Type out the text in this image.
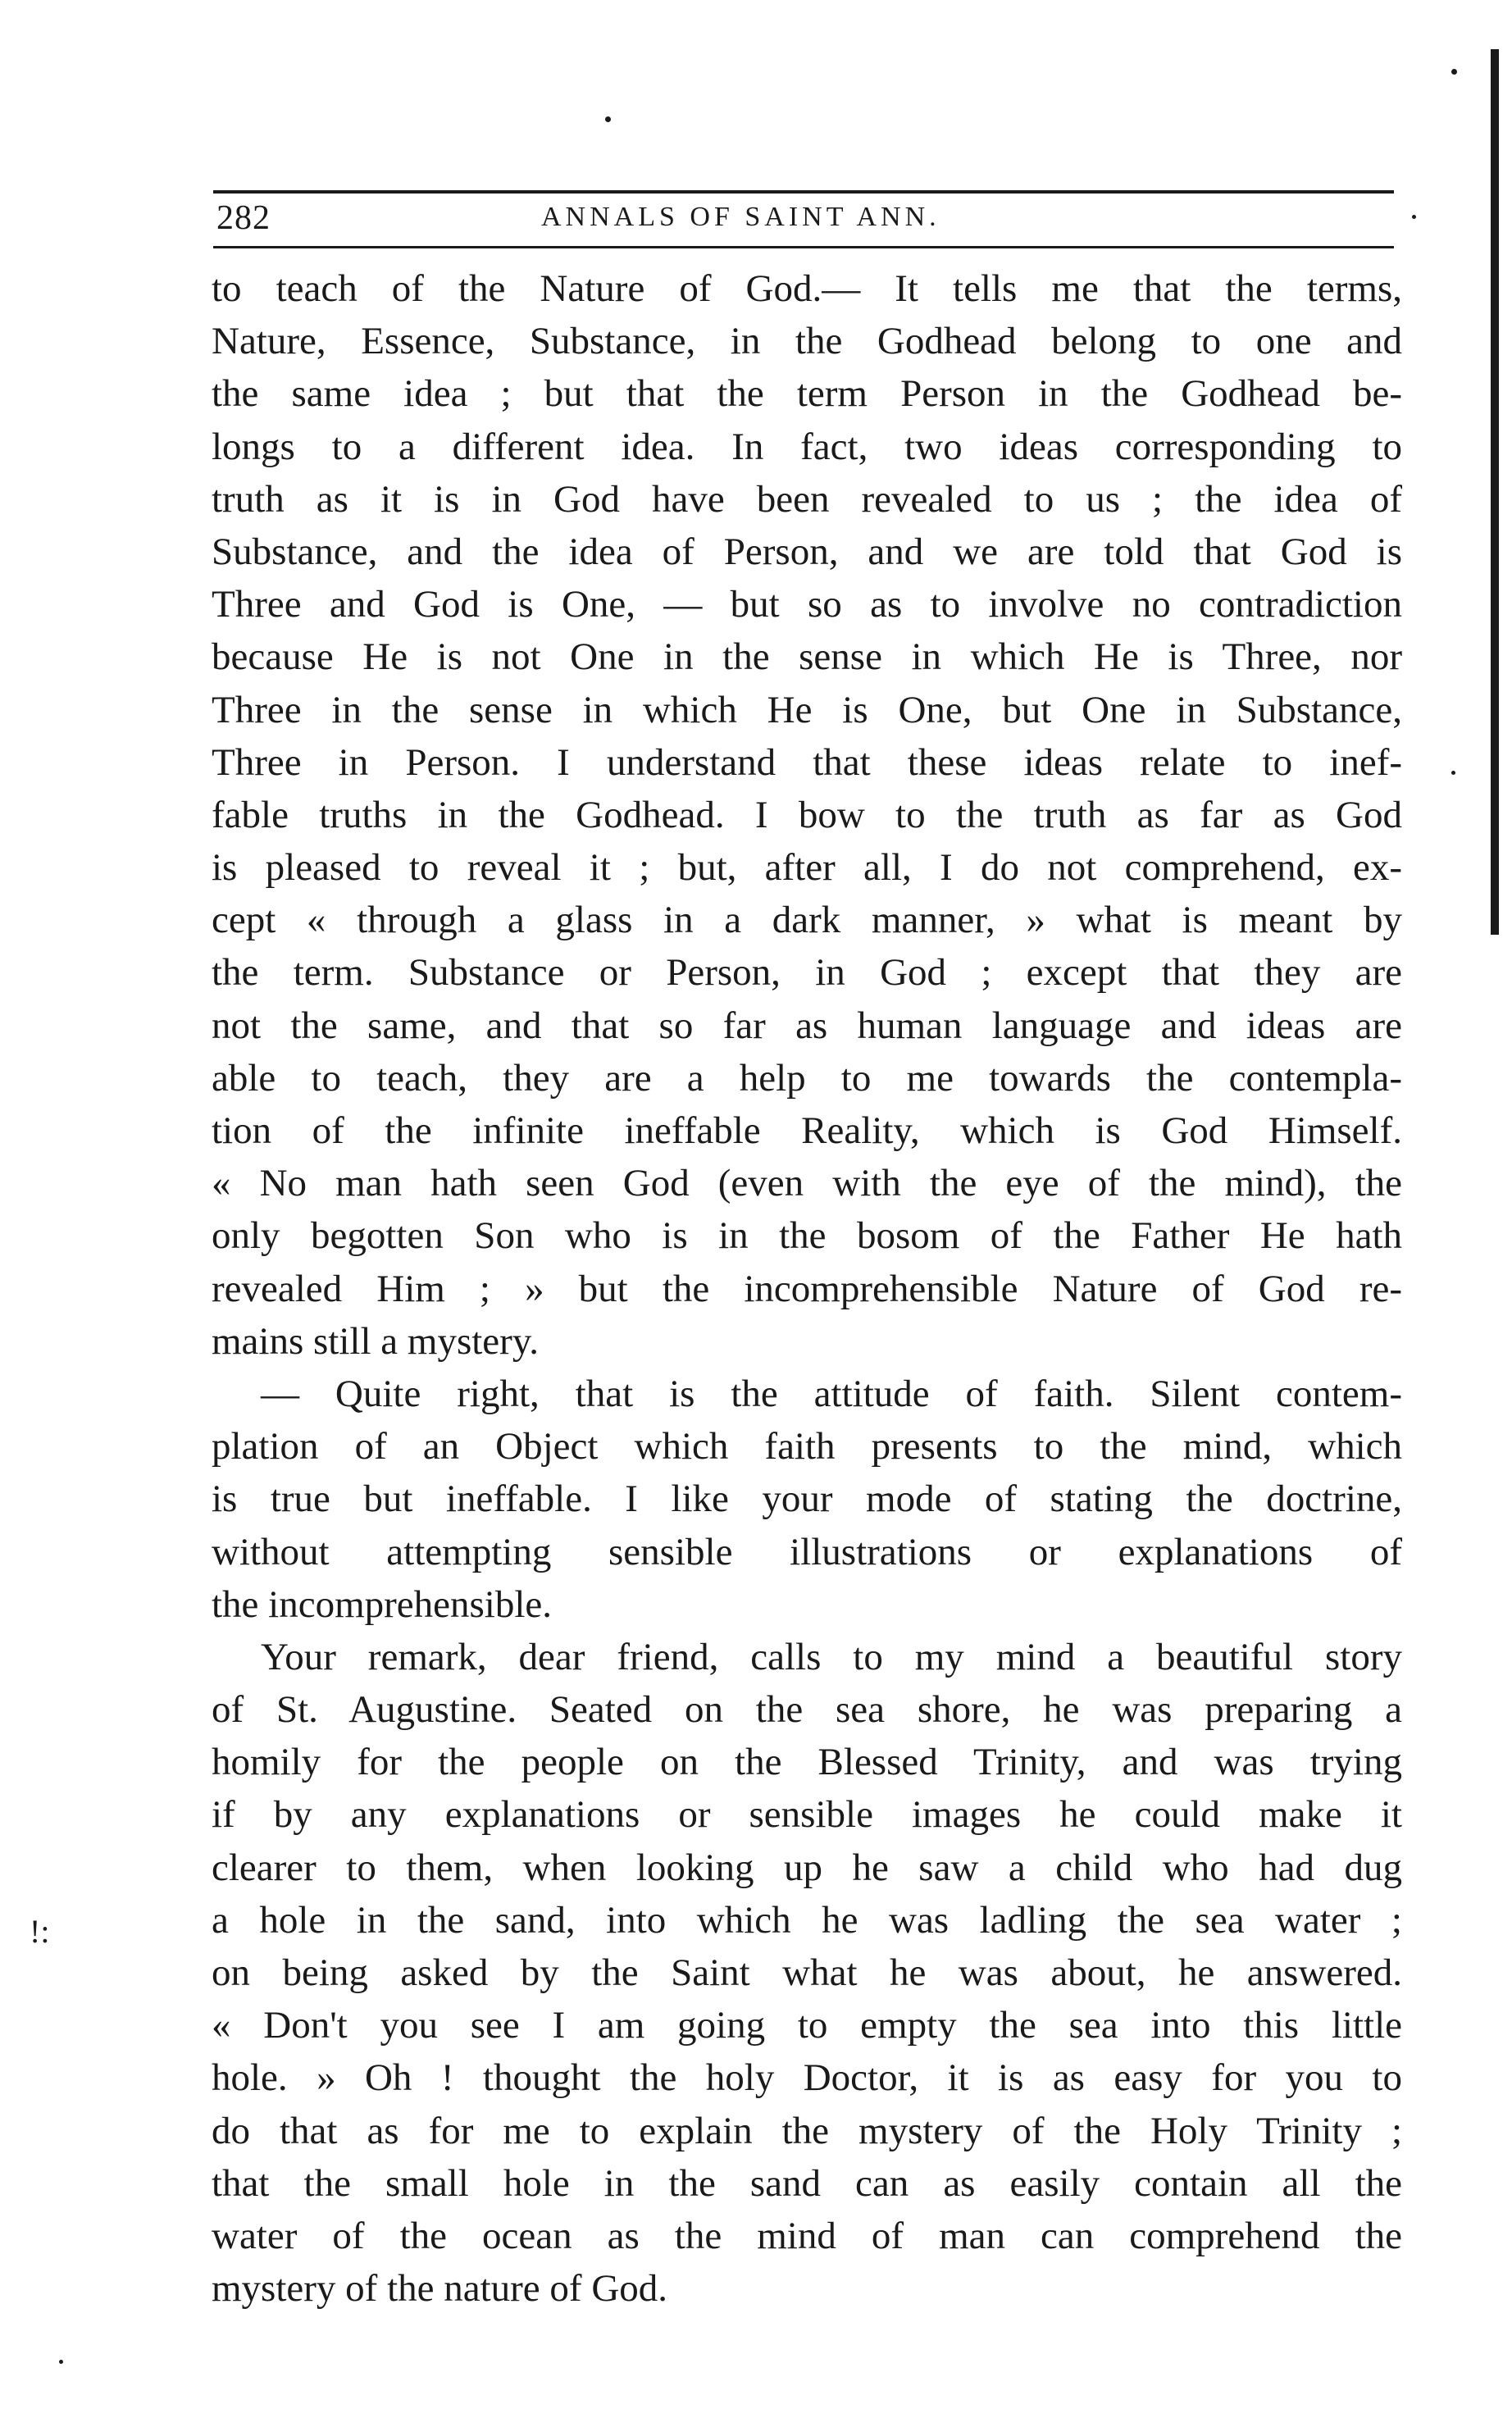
282	ANNALS OF SAINT ANN.
!:
to teach of the Nature of God.— It tells me that the terms,
Nature, Essence, Substance, in the Godhead belong to one and
the same idea ; but that the term Person in the Godhead be-
longs to a different idea. In fact, two ideas corresponding to
truth as it is in God have been revealed to us ; the idea of
Substance, and the idea of Person, and we are told that God is
Three and God is One, — but so as to involve no contradiction
because He is not One in the sense in which He is Three, nor
Three in the sense in which He is One, but One in Substance,
Three in Person. I understand that these ideas relate to inef-
fable truths in the Godhead. I bow to the truth as far as God
is pleased to reveal it ; but, after all, I do not comprehend, ex-
cept « through a glass in a dark manner, » what is meant by
the term. Substance or Person, in God ; except that they are
not the same, and that so far as human language and ideas are
able to teach, they are a help to me towards the contempla-
tion of the infinite ineffable Reality, which is God Himself.
« No man hath seen God (even with the eye of the mind), the
only begotten Son who is in the bosom of the Father He hath
revealed Him ; » but the incomprehensible Nature of God re-
mains still a mystery.
— Quite right, that is the attitude of faith. Silent contem-
plation of an Object which faith presents to the mind, which
is true but ineffable. I like your mode of stating the doctrine,
without attempting sensible illustrations or explanations of
the incomprehensible.
Your remark, dear friend, calls to my mind a beautiful story
of St. Augustine. Seated on the sea shore, he was preparing a
homily for the people on the Blessed Trinity, and was trying
if by any explanations or sensible images he could make it
clearer to them, when looking up he saw a child who had dug
a hole in the sand, into which he was ladling the sea water ;
on being asked by the Saint what he was about, he answered.
« Don't you see I am going to empty the sea into this little
hole. » Oh ! thought the holy Doctor, it is as easy for you to
do that as for me to explain the mystery of the Holy Trinity ;
that the small hole in the sand can as easily contain all the
water of the ocean as the mind of man can comprehend the
mystery of the nature of God.
